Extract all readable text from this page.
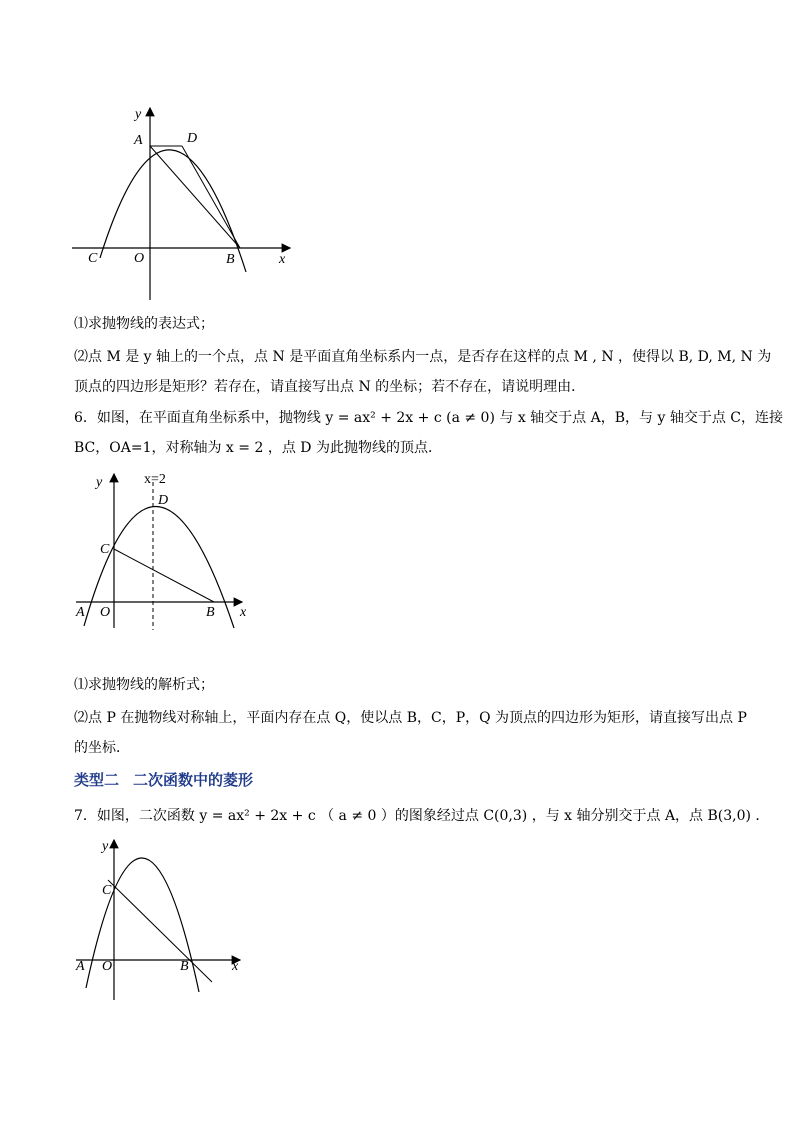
y
A	D
C	O	B	x
⑴求抛物线的表达式；
⑵点 M 是 y 轴上的一个点，点 N 是平面直角坐标系内一点，是否存在这样的点 M , N ，使得以 B, D, M, N 为
顶点的四边形是矩形？若存在，请直接写出点 N 的坐标；若不存在，请说明理由．
6．如图，在平面直角坐标系中，抛物线 y = ax² + 2x + c (a ≠ 0) 与 x 轴交于点 A，B，与 y 轴交于点 C，连接
BC，OA=1，对称轴为 x = 2 ，点 D 为此抛物线的顶点．
x=2
y
D
C
A O	B x
⑴求抛物线的解析式；
⑵点 P 在抛物线对称轴上，平面内存在点 Q，使以点 B，C，P，Q 为顶点的四边形为矩形，请直接写出点 P
的坐标．
类型二 二次函数中的菱形
7．如图，二次函数 y = ax² + 2x + c （ a ≠ 0 ）的图象经过点 C(0,3) ，与 x 轴分别交于点 A，点 B(3,0) ．
y
C
A O	B	x
